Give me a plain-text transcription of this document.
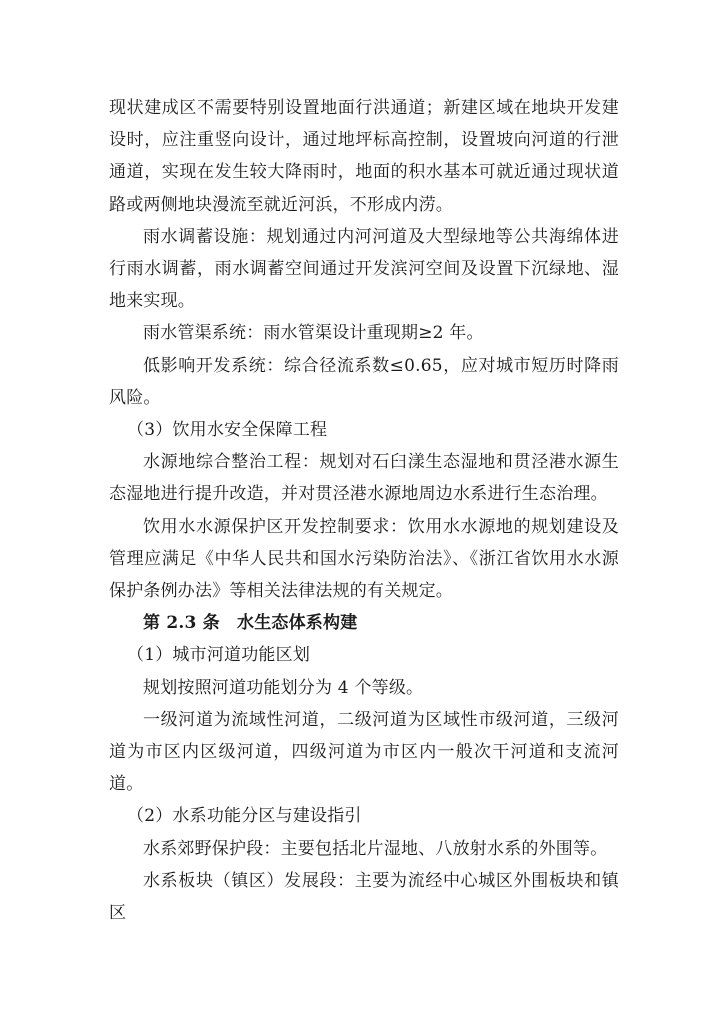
现状建成区不需要特别设置地面行洪通道；新建区域在地块开发建设时，应注重竖向设计，通过地坪标高控制，设置坡向河道的行泄通道，实现在发生较大降雨时，地面的积水基本可就近通过现状道路或两侧地块漫流至就近河浜，不形成内涝。

雨水调蓄设施：规划通过内河河道及大型绿地等公共海绵体进行雨水调蓄，雨水调蓄空间通过开发滨河空间及设置下沉绿地、湿地来实现。

雨水管渠系统：雨水管渠设计重现期≥2 年。

低影响开发系统：综合径流系数≤0.65，应对城市短历时降雨风险。

（3）饮用水安全保障工程

水源地综合整治工程：规划对石臼漾生态湿地和贯泾港水源生态湿地进行提升改造，并对贯泾港水源地周边水系进行生态治理。

饮用水水源保护区开发控制要求：饮用水水源地的规划建设及管理应满足《中华人民共和国水污染防治法》、《浙江省饮用水水源保护条例办法》等相关法律法规的有关规定。

第 2.3 条　水生态体系构建

（1）城市河道功能区划

规划按照河道功能划分为 4 个等级。

一级河道为流域性河道，二级河道为区域性市级河道，三级河道为市区内区级河道，四级河道为市区内一般次干河道和支流河道。

（2）水系功能分区与建设指引

水系郊野保护段：主要包括北片湿地、八放射水系的外围等。

水系板块（镇区）发展段：主要为流经中心城区外围板块和镇区
